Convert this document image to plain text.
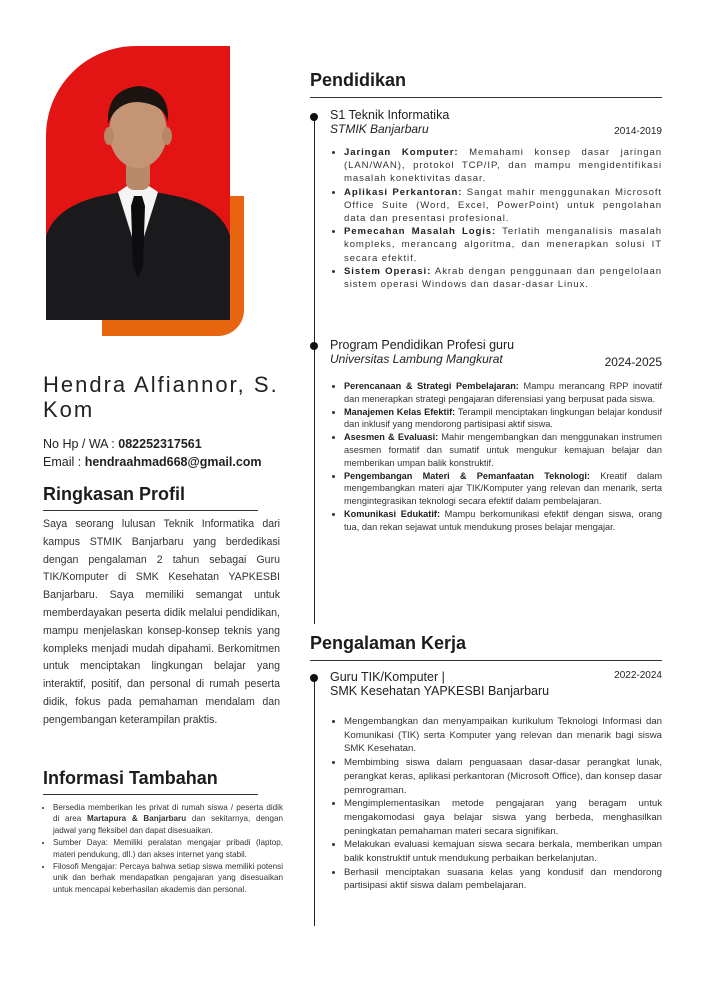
Hendra Alfiannor, S. Kom
No Hp / WA : 082252317561
Email : hendraahmad668@gmail.com
Ringkasan Profil
Saya seorang lulusan Teknik Informatika dari kampus STMIK Banjarbaru yang berdedikasi dengan pengalaman 2 tahun sebagai Guru TIK/Komputer di SMK Kesehatan YAPKESBI Banjarbaru. Saya memiliki semangat untuk memberdayakan peserta didik melalui pendidikan, mampu menjelaskan konsep-konsep teknis yang kompleks menjadi mudah dipahami. Berkomitmen untuk menciptakan lingkungan belajar yang interaktif, positif, dan personal di rumah peserta didik, fokus pada pemahaman mendalam dan pengembangan keterampilan praktis.
Informasi Tambahan
• Bersedia memberikan les privat di rumah siswa / peserta didik di area Martapura & Banjarbaru dan sekitarnya, dengan jadwal yang fleksibel dan dapat disesuaikan.
• Sumber Daya: Memiliki peralatan mengajar pribadi (laptop, materi pendukung, dll.) dan akses internet yang stabil.
• Filosofi Mengajar: Percaya bahwa setiap siswa memiliki potensi unik dan berhak mendapatkan pengajaran yang disesuaikan untuk mencapai keberhasilan akademis dan personal.
Pendidikan
S1 Teknik Informatika
STMIK Banjarbaru	2014-2019
• Jaringan Komputer: Memahami konsep dasar jaringan (LAN/WAN), protokol TCP/IP, dan mampu mengidentifikasi masalah konektivitas dasar.
• Aplikasi Perkantoran: Sangat mahir menggunakan Microsoft Office Suite (Word, Excel, PowerPoint) untuk pengolahan data dan presentasi profesional.
• Pemecahan Masalah Logis: Terlatih menganalisis masalah kompleks, merancang algoritma, dan menerapkan solusi IT secara efektif.
• Sistem Operasi: Akrab dengan penggunaan dan pengelolaan sistem operasi Windows dan dasar-dasar Linux.
Program Pendidikan Profesi guru
Universitas Lambung Mangkurat	2024-2025
• Perencanaan & Strategi Pembelajaran: Mampu merancang RPP inovatif dan menerapkan strategi pengajaran diferensiasi yang berpusat pada siswa.
• Manajemen Kelas Efektif: Terampil menciptakan lingkungan belajar kondusif dan inklusif yang mendorong partisipasi aktif siswa.
• Asesmen & Evaluasi: Mahir mengembangkan dan menggunakan instrumen asesmen formatif dan sumatif untuk mengukur kemajuan belajar dan memberikan umpan balik konstruktif.
• Pengembangan Materi & Pemanfaatan Teknologi: Kreatif dalam mengembangkan materi ajar TIK/Komputer yang relevan dan menarik, serta mengintegrasikan teknologi secara efektif dalam pembelajaran.
• Komunikasi Edukatif: Mampu berkomunikasi efektif dengan siswa, orang tua, dan rekan sejawat untuk mendukung proses belajar mengajar.
Pengalaman Kerja
Guru TIK/Komputer |
SMK Kesehatan YAPKESBI Banjarbaru
2022-2024
• Mengembangkan dan menyampaikan kurikulum Teknologi Informasi dan Komunikasi (TIK) serta Komputer yang relevan dan menarik bagi siswa SMK Kesehatan.
• Membimbing siswa dalam penguasaan dasar-dasar perangkat lunak, perangkat keras, aplikasi perkantoran (Microsoft Office), dan konsep dasar pemrograman.
• Mengimplementasikan metode pengajaran yang beragam untuk mengakomodasi gaya belajar siswa yang berbeda, menghasilkan peningkatan pemahaman materi secara signifikan.
• Melakukan evaluasi kemajuan siswa secara berkala, memberikan umpan balik konstruktif untuk mendukung perbaikan berkelanjutan.
• Berhasil menciptakan suasana kelas yang kondusif dan mendorong partisipasi aktif siswa dalam pembelajaran.
